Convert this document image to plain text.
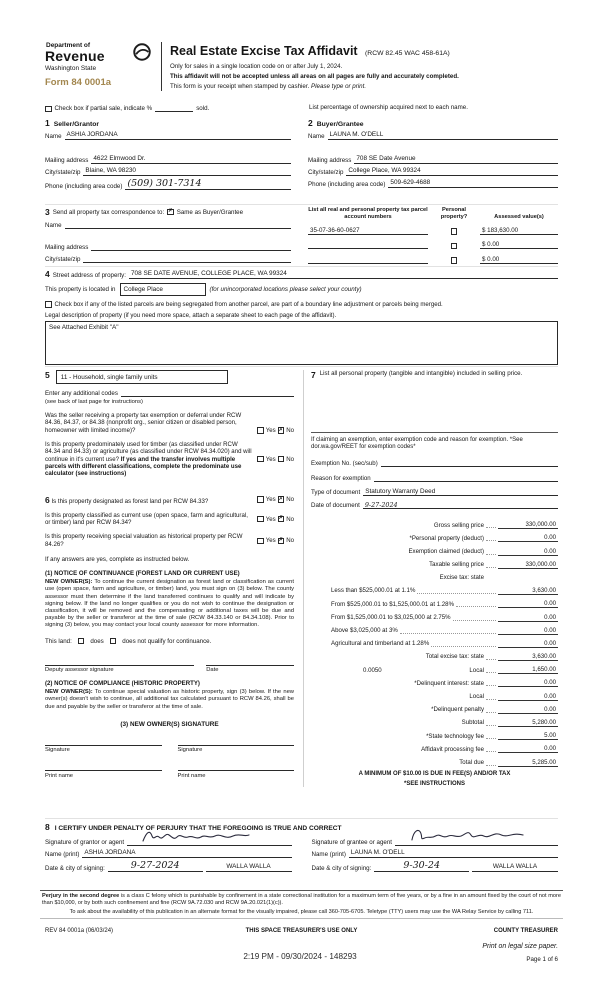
Department of
Revenue
Washington State
Form 84 0001a
Real Estate Excise Tax Affidavit (RCW 82.45 WAC 458-61A)
Only for sales in a single location code on or after July 1, 2024.
This affidavit will not be accepted unless all areas on all pages are fully and accurately completed.
This form is your receipt when stamped by cashier. Please type or print.
Check box if partial sale, indicate %	sold.	List percentage of ownership acquired next to each name.
1 Seller/Grantor
Name ASHIA JORDANA
Mailing address 4622 Elmwood Dr.
City/state/zip Blaine, WA 98230
Phone (including area code) (509) 301-7314
2 Buyer/Grantee
Name LAUNA M. O'DELL
Mailing address 708 SE Date Avenue
City/state/zip College Place, WA 99324
Phone (including area code) 509-629-4688
3 Send all property tax correspondence to: ✗ Same as Buyer/Grantee
Name
Mailing address
City/state/zip
List all real and personal property tax parcel account numbers
Personal property?	Assessed value(s)
35-07-36-60-0627	$ 183,630.00
$ 0.00
$ 0.00
4 Street address of property: 708 SE DATE AVENUE, COLLEGE PLACE, WA 99324
This property is located in	College Place	(for unincorporated locations please select your county)
Check box if any of the listed parcels are being segregated from another parcel, are part of a boundary line adjustment or parcels being merged.
Legal description of property (if you need more space, attach a separate sheet to each page of the affidavit).
See Attached Exhibit "A"
5	11 - Household, single family units
Enter any additional codes
(see back of last page for instructions)
Was the seller receiving a property tax exemption or deferral under RCW 84.36, 84.37, or 84.38 (nonprofit org., senior citizen or disabled person, homeowner with limited income)?	Yes ✗ No
Is this property predominately used for timber (as classified under RCW 84.34 and 84.33) or agriculture (as classified under RCW 84.34.020) and will continue in it's current use? If yes and the transfer involves multiple parcels with different classifications, complete the predominate use calculator (see instructions)
Yes No
6 Is this property designated as forest land per RCW 84.33?	Yes ✗ No
Is this property classified as current use (open space, farm and agricultural, or timber) land per RCW 84.34?	Yes ✗ No
Is this property receiving special valuation as historical property per RCW 84.26?	Yes ✗ No
If any answers are yes, complete as instructed below.
(1) NOTICE OF CONTINUANCE (FOREST LAND OR CURRENT USE)
NEW OWNER(S): To continue the current designation as forest land or classification as current use (open space, farm and agriculture, or timber) land, you must sign on (3) below. The county assessor must then determine if the land transferred continues to qualify and will indicate by signing below. If the land no longer qualifies or you do not wish to continue the designation or classification, it will be removed and the compensating or additional taxes will be due and payable by the seller or transferor at the time of sale (RCW 84.33.140 or 84.34.108). Prior to signing (3) below, you may contact your local county assessor for more information.
This land:	does	does not qualify for continuance.
Deputy assessor signature	Date
(2) NOTICE OF COMPLIANCE (HISTORIC PROPERTY)
NEW OWNER(S): To continue special valuation as historic property, sign (3) below. If the new owner(s) doesn't wish to continue, all additional tax calculated pursuant to RCW 84.26, shall be due and payable by the seller or transferor at the time of sale.
(3) NEW OWNER(S) SIGNATURE
Signature	Signature
Print name	Print name
7 List all personal property (tangible and intangible) included in selling price.
If claiming an exemption, enter exemption code and reason for exemption. *See dor.wa.gov/REET for exemption codes*
Exemption No. (sec/sub)
Reason for exemption
Type of document Statutory Warranty Deed
Date of document 9-27-2024
Gross selling price	330,000.00
*Personal property (deduct)	0.00
Exemption claimed (deduct)	0.00
Taxable selling price	330,000.00
Excise tax: state
Less than $525,000.01 at 1.1%	3,630.00
From $525,000.01 to $1,525,000.01 at 1.28%	0.00
From $1,525,000.01 to $3,025,000 at 2.75%	0.00
Above $3,025,000 at 3%	0.00
Agricultural and timberland at 1.28%	0.00
Total excise tax: state	3,630.00
0.0050	Local	1,650.00
*Delinquent interest: state	0.00
Local	0.00
*Delinquent penalty	0.00
Subtotal	5,280.00
*State technology fee	5.00
Affidavit processing fee	0.00
Total due	5,285.00
A MINIMUM OF $10.00 IS DUE IN FEE(S) AND/OR TAX
*SEE INSTRUCTIONS
8 I CERTIFY UNDER PENALTY OF PERJURY THAT THE FOREGOING IS TRUE AND CORRECT
Signature of grantor or agent
Name (print) ASHIA JORDANA
Date & city of signing:	9-27-2024	WALLA WALLA
Signature of grantee or agent
Name (print) LAUNA M. O'DELL
Date & city of signing:	9-30-24	WALLA WALLA
Perjury in the second degree is a class C felony which is punishable by confinement in a state correctional institution for a maximum term of five years, or by a fine in an amount fixed by the court of not more than $10,000, or by both such confinement and fine (RCW 9A.72.030 and RCW 9A.20.021(1)(c)).
To ask about the availability of this publication in an alternate format for the visually impaired, please call 360-705-6705. Teletype (TTY) users may use the WA Relay Service by calling 711.
REV 84 0001a (06/03/24)	THIS SPACE TREASURER'S USE ONLY	COUNTY TREASURER
Print on legal size paper.
2:19 PM - 09/30/2024 - 148293	Page 1 of 6
